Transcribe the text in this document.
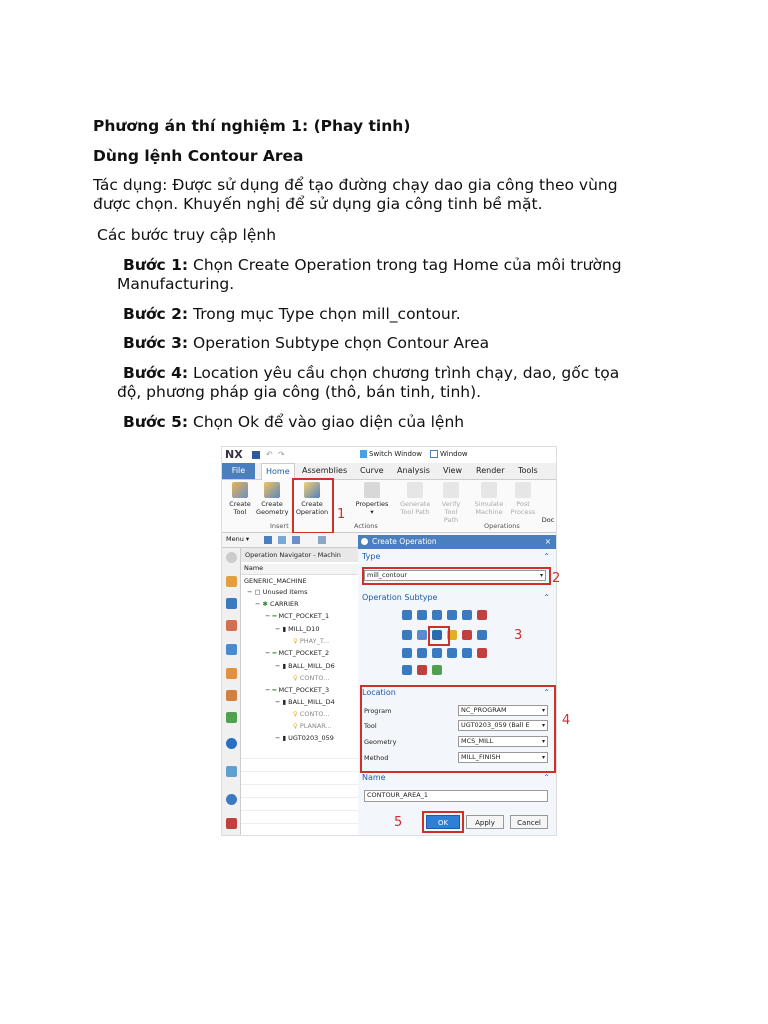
Phương án thí nghiệm 1: (Phay tinh)
Dùng lệnh Contour Area
Tác dụng: Được sử dụng để tạo đường chạy dao gia công theo vùng
được chọn. Khuyến nghị để sử dụng gia công tinh bề mặt.
Các bước truy cập lệnh
Bước 1: Chọn Create Operation trong tag Home của môi trường
Manufacturing.
Bước 2: Trong mục Type chọn mill_contour.
Bước 3: Operation Subtype chọn Contour Area
Bước 4: Location yêu cầu chọn chương trình chạy, dao, gốc tọa
độ, phương pháp gia công (thô, bán tinh, tinh).
Bước 5: Chọn Ok để vào giao diện của lệnh
NX	↶ ↷	Switch Window	Window
File	Home	Assemblies Curve Analysis View Render Tools
Create
Tool
Create
Geometry
Create
Operation
Properties
▾
Generate
Tool Path
Verify
Tool Path
Simulate
Machine
Post
Process
Doc
Insert	Actions	Operations
1
Menu ▾
Operation Navigator - Machin
Name
GENERIC_MACHINE
− ▢ Unused Items
− ✱ CARRIER
− ━ MCT_POCKET_1
− ▮ MILL_D10
♀ PHAY_T...
− ━ MCT_POCKET_2
− ▮ BALL_MILL_D6
♀ CONTO...
− ━ MCT_POCKET_3
− ▮ BALL_MILL_D4
♀ CONTO...
♀ PLANAR...
− ▮ UGT0203_059
Create Operation	×
Type	⌃
mill_contour	▾
Operation Subtype	⌃
Location	⌃
Program	NC_PROGRAM	▾
Tool	UGT0203_059 (Ball E ▾
Geometry	MCS_MILL	▾
Method	MILL_FINISH	▾
Name	⌃
CONTOUR_AREA_1
OK	Apply	Cancel
2
3
4
5
